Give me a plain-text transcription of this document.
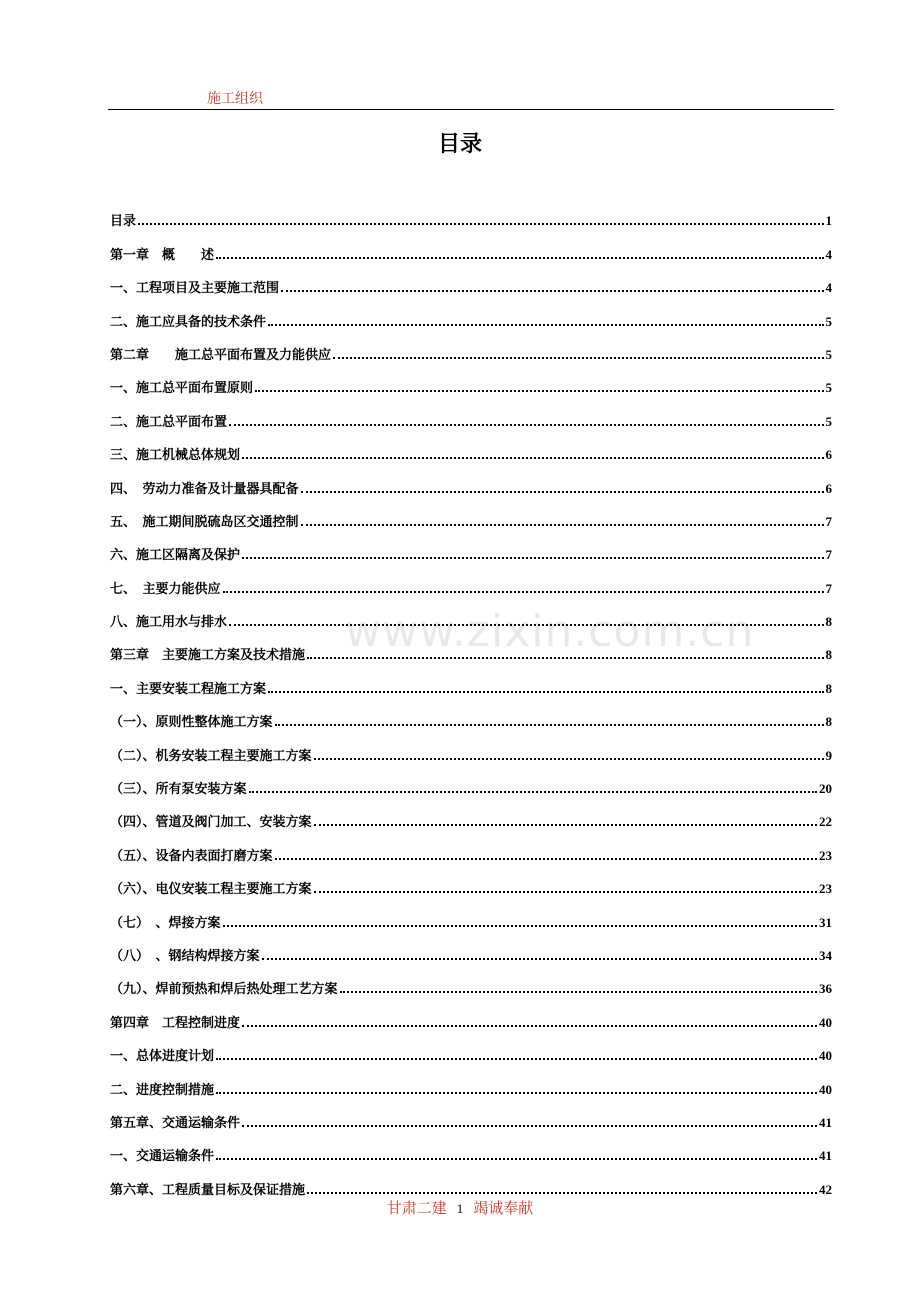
施工组织
目录
www.zixin.com.cn
目录	1
第一章　概　　述	4
一、工程项目及主要施工范围	4
二、施工应具备的技术条件	5
第二章　　施工总平面布置及力能供应	5
一、施工总平面布置原则	5
二、施工总平面布置	5
三、施工机械总体规划	6
四、　劳动力准备及计量器具配备	6
五、　施工期间脱硫岛区交通控制	7
六、施工区隔离及保护	7
七、　主要力能供应	7
八、施工用水与排水	8
第三章　主要施工方案及技术措施	8
一、主要安装工程施工方案	8
（一）、原则性整体施工方案	8
（二）、机务安装工程主要施工方案	9
（三）、所有泵安装方案	20
（四）、管道及阀门加工、安装方案	22
（五）、设备内表面打磨方案	23
（六）、电仪安装工程主要施工方案	23
（七）　、焊接方案	31
（八）　、钢结构焊接方案	34
（九）、焊前预热和焊后热处理工艺方案	36
第四章　工程控制进度	40
一、总体进度计划	40
二、进度控制措施	40
第五章、交通运输条件	41
一、交通运输条件	41
第六章、工程质量目标及保证措施	42
甘肃二建 1 竭诚奉献
